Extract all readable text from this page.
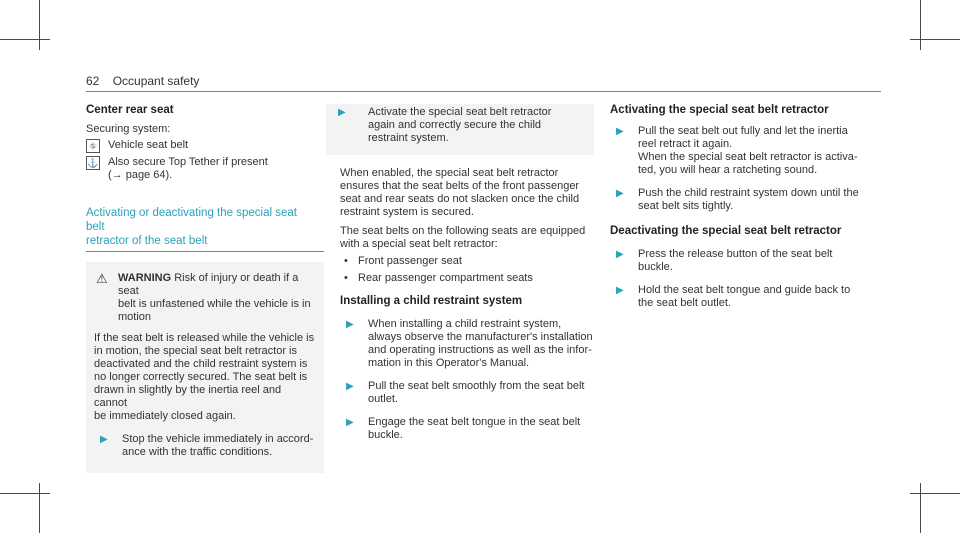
62 Occupant safety
Center rear seat

Securing system:

⛗	Vehicle seat belt
⚓ Also secure Top Tether if present
(→ page 64).
Activating or deactivating the special seat belt
retractor of the seat belt
⚠ WARNING Risk of injury or death if a seat
belt is unfastened while the vehicle is in
motion
If the seat belt is released while the vehicle is
in motion, the special seat belt retractor is
deactivated and the child restraint system is
no longer correctly secured. The seat belt is
drawn in slightly by the inertia reel and cannot
be immediately closed again.
▶	Stop the vehicle immediately in accord-
ance with the traffic conditions.
▶	Activate the special seat belt retractor
again and correctly secure the child
restraint system.
When enabled, the special seat belt retractor
ensures that the seat belts of the front passenger
seat and rear seats do not slacken once the child
restraint system is secured.
The seat belts on the following seats are equipped
with a special seat belt retractor:
• Front passenger seat
• Rear passenger compartment seats
Installing a child restraint system
▶	When installing a child restraint system,
always observe the manufacturer's installation
and operating instructions as well as the infor-
mation in this Operator's Manual.
▶	Pull the seat belt smoothly from the seat belt
outlet.
▶	Engage the seat belt tongue in the seat belt
buckle.
Activating the special seat belt retractor
▶	Pull the seat belt out fully and let the inertia
reel retract it again.
When the special seat belt retractor is activa-
ted, you will hear a ratcheting sound.
▶	Push the child restraint system down until the
seat belt sits tightly.
Deactivating the special seat belt retractor
▶	Press the release button of the seat belt
buckle.
▶	Hold the seat belt tongue and guide back to
the seat belt outlet.
